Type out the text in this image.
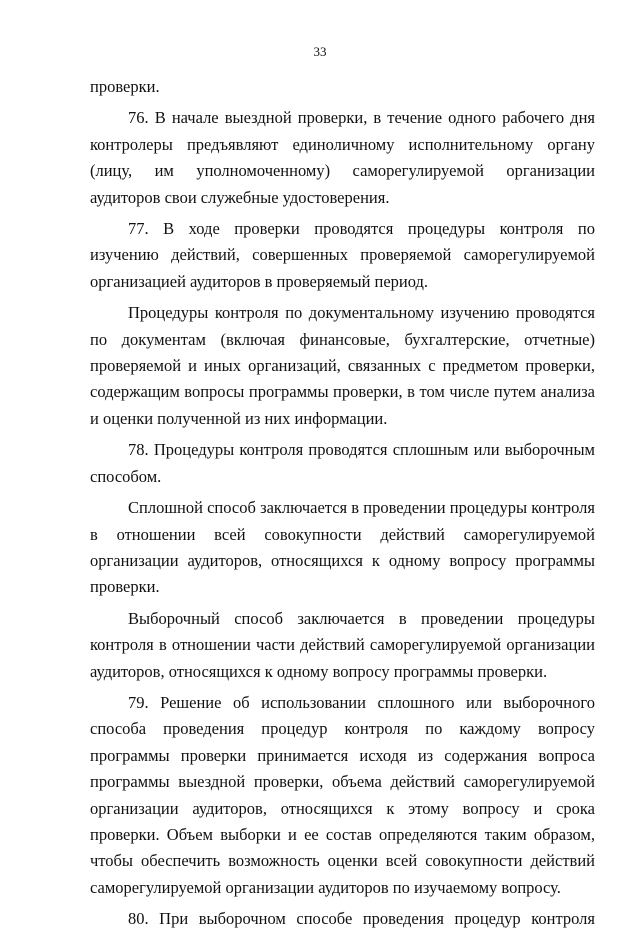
33

проверки.

76. В начале выездной проверки, в течение одного рабочего дня контролеры предъявляют единоличному исполнительному органу (лицу, им уполномоченному) саморегулируемой организации аудиторов свои служебные удостоверения.

77. В ходе проверки проводятся процедуры контроля по изучению действий, совершенных проверяемой саморегулируемой организацией аудиторов в проверяемый период.

Процедуры контроля по документальному изучению проводятся по документам (включая финансовые, бухгалтерские, отчетные) проверяемой и иных организаций, связанных с предметом проверки, содержащим вопросы программы проверки, в том числе путем анализа и оценки полученной из них информации.

78. Процедуры контроля проводятся сплошным или выборочным способом.

Сплошной способ заключается в проведении процедуры контроля в отношении всей совокупности действий саморегулируемой организации аудиторов, относящихся к одному вопросу программы проверки.

Выборочный способ заключается в проведении процедуры контроля в отношении части действий саморегулируемой организации аудиторов, относящихся к одному вопросу программы проверки.

79. Решение об использовании сплошного или выборочного способа проведения процедур контроля по каждому вопросу программы проверки принимается исходя из содержания вопроса программы выездной проверки, объема действий саморегулируемой организации аудиторов, относящихся к этому вопросу и срока проверки. Объем выборки и ее состав определяются таким образом, чтобы обеспечить возможность оценки всей совокупности действий саморегулируемой организации аудиторов по изучаемому вопросу.

80. При выборочном способе проведения процедур контроля
